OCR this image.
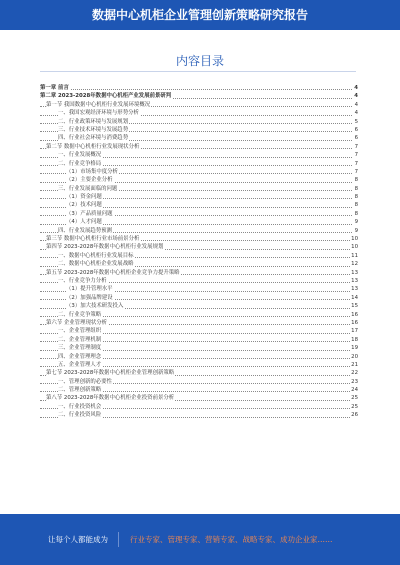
数据中心机柜企业管理创新策略研究报告
内容目录
第一章 前言	4
第二章 2023-2028年数据中心机柜产业发展前景研判	4
第一节 我国数据中心机柜行业发展环境概况	4
一、我国宏观经济环境与形势分析	4
二、行业政策环境与发展规划	5
三、行业技术环境与发展趋势	6
四、行业社会环境与消费趋势	6
第二节 数据中心机柜行业发展现状分析	7
一、行业发展概况	7
二、行业竞争格局	7
（1）市场集中度分析	7
（2）主要企业分析	8
三、行业发展面临的问题	8
（1）资金问题	8
（2）技术问题	8
（3）产品质量问题	8
（4）人才问题	9
四、行业发展趋势预测	9
第三节 数据中心机柜行业市场前景分析	10
第四节 2023-2028年数据中心机柜行业发展规划	10
一、数据中心机柜行业发展目标	11
二、数据中心机柜企业发展战略	12
第五节 2023-2028年数据中心机柜企业竞争力提升策略	13
一、行业竞争力分析	13
（1）提升管理水平	13
（2）加强品牌建设	14
（3）加大技术研发投入	15
二、行业竞争策略	16
第六节 企业管理现状分析	16
一、企业管理组织	17
二、企业管理机制	18
三、企业管理制度	19
四、企业管理理念	20
五、企业管理人才	21
第七节 2023-2028年数据中心机柜企业管理创新策略	22
一、管理创新的必要性	23
二、管理创新策略	24
第八节 2023-2028年数据中心机柜企业投资前景分析	25
一、行业投资机会	25
二、行业投资风险	26
让每个人都能成为	行业专家、管理专家、营销专家、战略专家、成功企业家……
